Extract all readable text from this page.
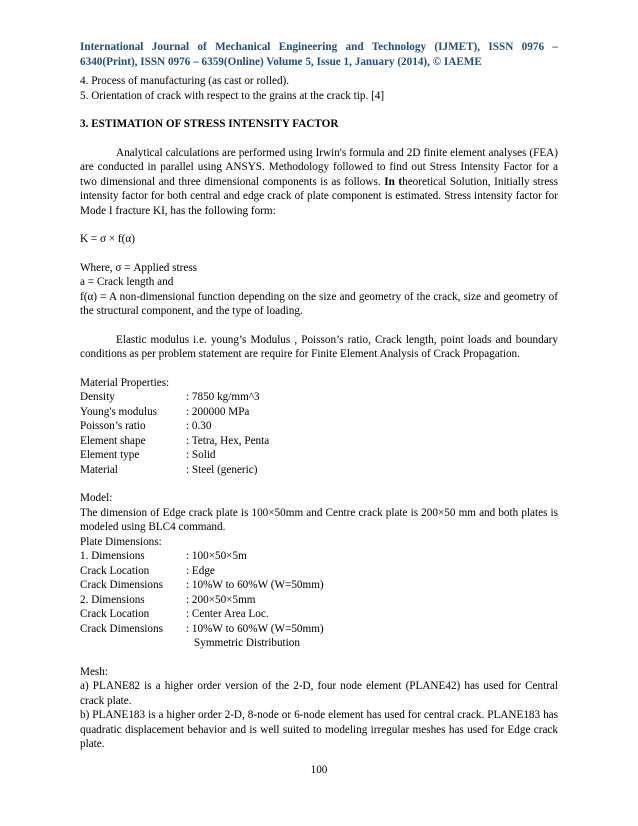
International Journal of Mechanical Engineering and Technology (IJMET), ISSN 0976 –
6340(Print), ISSN 0976 – 6359(Online) Volume 5, Issue 1, January (2014), © IAEME

4. Process of manufacturing (as cast or rolled).

5. Orientation of crack with respect to the grains at the crack tip. [4]

3. ESTIMATION OF STRESS INTENSITY FACTOR

Analytical calculations are performed using Irwin's formula and 2D finite element analyses (FEA) are conducted in parallel using ANSYS. Methodology followed to find out Stress Intensity Factor for a two dimensional and three dimensional components is as follows. In theoretical Solution, Initially stress intensity factor for both central and edge crack of plate component is estimated. Stress intensity factor for Mode I fracture KI, has the following form:

K = σ × f(α)

Where, σ = Applied stress

a = Crack length and

f(α) = A non-dimensional function depending on the size and geometry of the crack, size and geometry of the structural component, and the type of loading.

Elastic modulus i.e. young’s Modulus , Poisson’s ratio, Crack length, point loads and boundary conditions as per problem statement are require for Finite Element Analysis of Crack Propagation.

Material Properties:

Density	: 7850 kg/mm^3
Young's modulus	: 200000 MPa
Poisson’s ratio	: 0.30
Element shape	: Tetra, Hex, Penta
Element type	: Solid
Material	: Steel (generic)

Model:

The dimension of Edge crack plate is 100×50mm and Centre crack plate is 200×50 mm and both plates is modeled using BLC4 command.

Plate Dimensions:

1. Dimensions	: 100×50×5m
Crack Location	: Edge
Crack Dimensions	: 10%W to 60%W (W=50mm)
2. Dimensions	: 200×50×5mm
Crack Location	: Center Area Loc.
Crack Dimensions	: 10%W to 60%W (W=50mm)
Symmetric Distribution

Mesh:

a) PLANE82 is a higher order version of the 2-D, four node element (PLANE42) has used for Central crack plate.

b) PLANE183 is a higher order 2-D, 8-node or 6-node element has used for central crack. PLANE183 has quadratic displacement behavior and is well suited to modeling irregular meshes has used for Edge crack plate.

100
